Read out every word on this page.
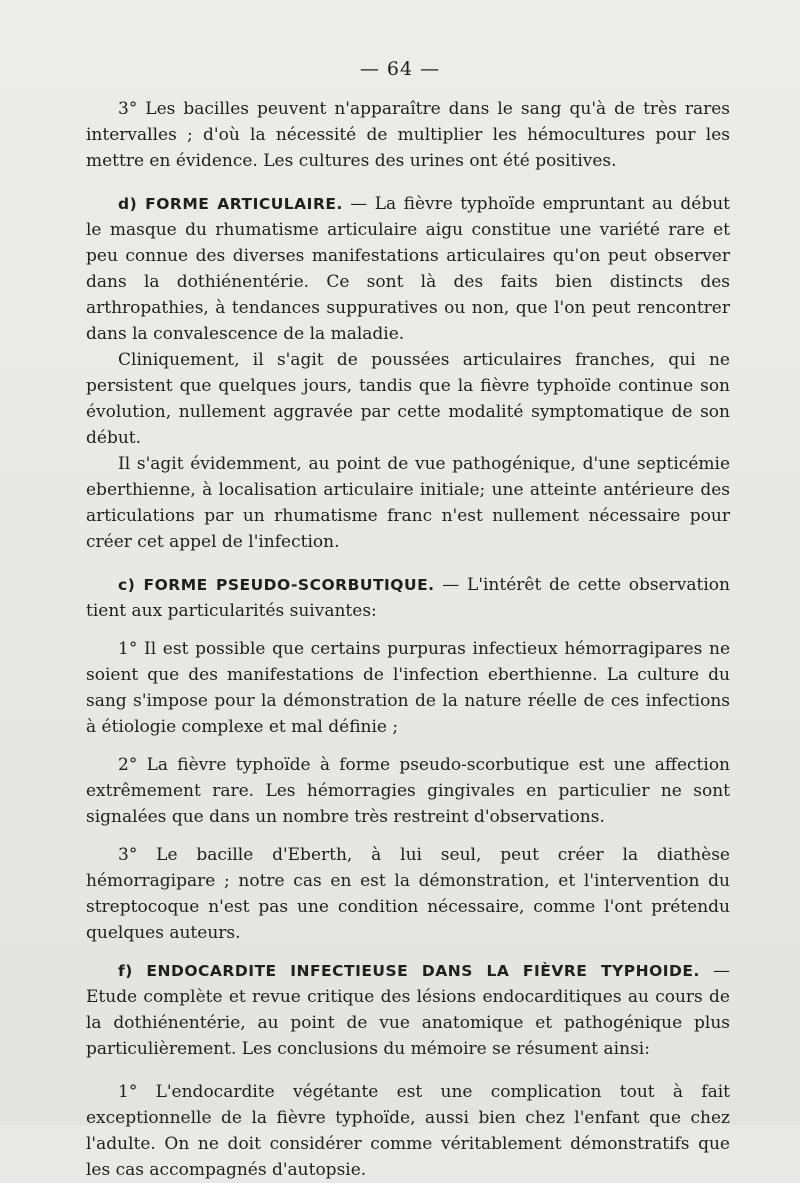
— 64 —

3° Les bacilles peuvent n'apparaître dans le sang qu'à de très rares intervalles ; d'où la nécessité de multiplier les hémocultures pour les mettre en évidence. Les cultures des urines ont été positives.

d) FORME ARTICULAIRE. — La fièvre typhoïde empruntant au début le masque du rhumatisme articulaire aigu constitue une variété rare et peu connue des diverses manifestations articulaires qu'on peut observer dans la dothiénentérie. Ce sont là des faits bien distincts des arthropathies, à tendances suppuratives ou non, que l'on peut rencontrer dans la convalescence de la maladie.

Cliniquement, il s'agit de poussées articulaires franches, qui ne persistent que quelques jours, tandis que la fièvre typhoïde continue son évolution, nullement aggravée par cette modalité symptomatique de son début.

Il s'agit évidemment, au point de vue pathogénique, d'une septicémie eberthienne, à localisation articulaire initiale; une atteinte antérieure des articulations par un rhumatisme franc n'est nullement nécessaire pour créer cet appel de l'infection.

c) FORME PSEUDO-SCORBUTIQUE. — L'intérêt de cette observation tient aux particularités suivantes:

1° Il est possible que certains purpuras infectieux hémorragipares ne soient que des manifestations de l'infection eberthienne. La culture du sang s'impose pour la démonstration de la nature réelle de ces infections à étiologie complexe et mal définie ;

2° La fièvre typhoïde à forme pseudo-scorbutique est une affection extrêmement rare. Les hémorragies gingivales en particulier ne sont signalées que dans un nombre très restreint d'observations.

3° Le bacille d'Eberth, à lui seul, peut créer la diathèse hémorragipare ; notre cas en est la démonstration, et l'intervention du streptocoque n'est pas une condition nécessaire, comme l'ont prétendu quelques auteurs.

f) ENDOCARDITE INFECTIEUSE DANS LA FIÈVRE TYPHOIDE. — Etude complète et revue critique des lésions endocarditiques au cours de la dothiénentérie, au point de vue anatomique et pathogénique plus particulièrement. Les conclusions du mémoire se résument ainsi:

1° L'endocardite végétante est une complication tout à fait exceptionnelle de la fièvre typhoïde, aussi bien chez l'enfant que chez l'adulte. On ne doit considérer comme véritablement démonstratifs que les cas accompagnés d'autopsie.
